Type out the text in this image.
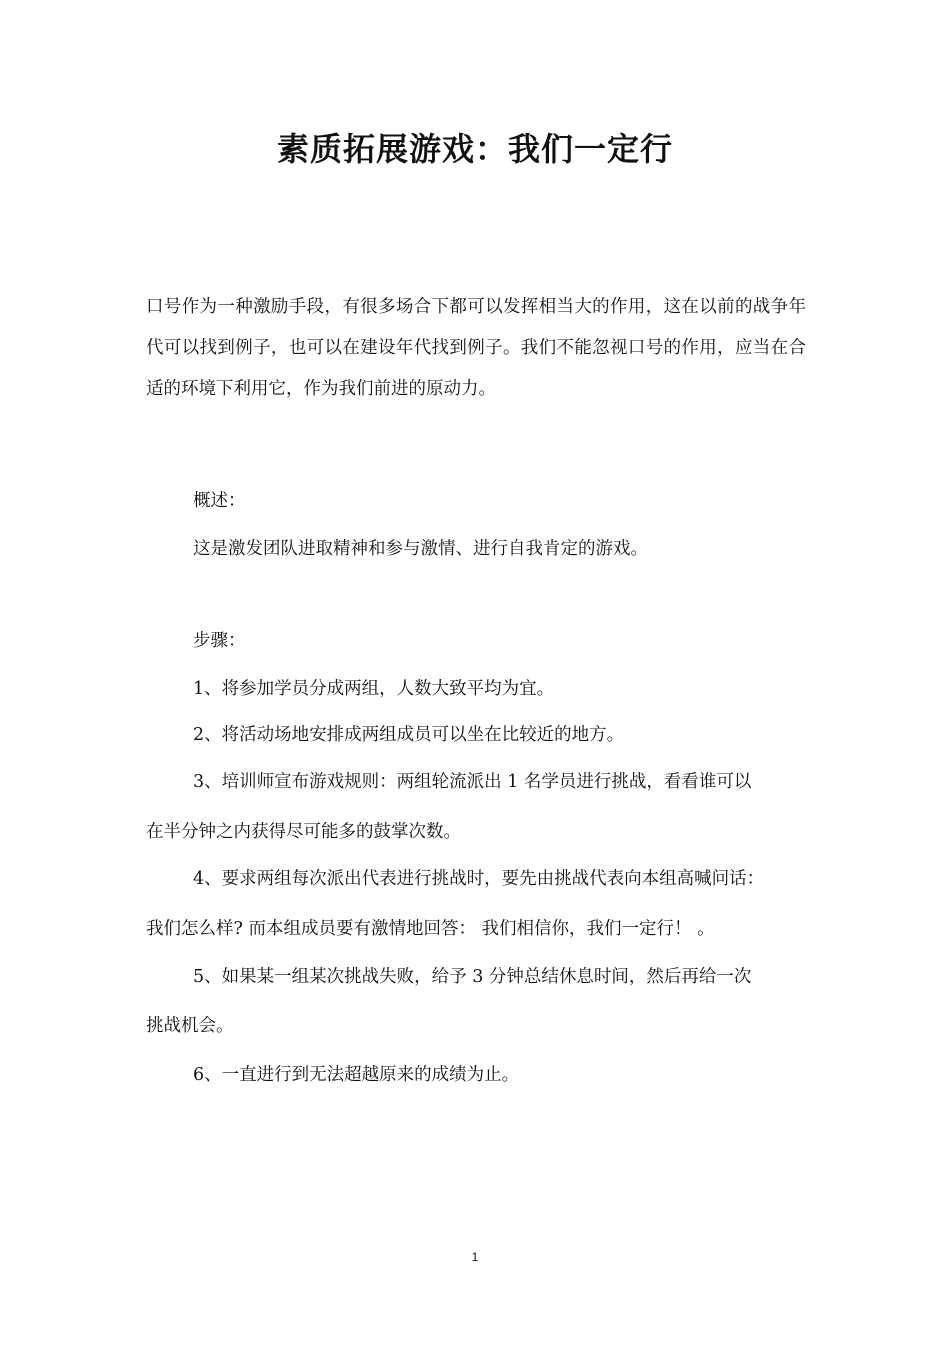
素质拓展游戏：我们一定行

口号作为一种激励手段，有很多场合下都可以发挥相当大的作用，这在以前的战争年代可以找到例子，也可以在建设年代找到例子。我们不能忽视口号的作用，应当在合适的环境下利用它，作为我们前进的原动力。

概述：

这是激发团队进取精神和参与激情、进行自我肯定的游戏。

步骤：

1、将参加学员分成两组，人数大致平均为宜。

2、将活动场地安排成两组成员可以坐在比较近的地方。

3、培训师宣布游戏规则：两组轮流派出 1 名学员进行挑战，看看谁可以

在半分钟之内获得尽可能多的鼓掌次数。

4、要求两组每次派出代表进行挑战时，要先由挑战代表向本组高喊问话：

我们怎么样? 而本组成员要有激情地回答： 我们相信你，我们一定行！ 。

5、如果某一组某次挑战失败，给予 3 分钟总结休息时间，然后再给一次

挑战机会。

6、一直进行到无法超越原来的成绩为止。

1
